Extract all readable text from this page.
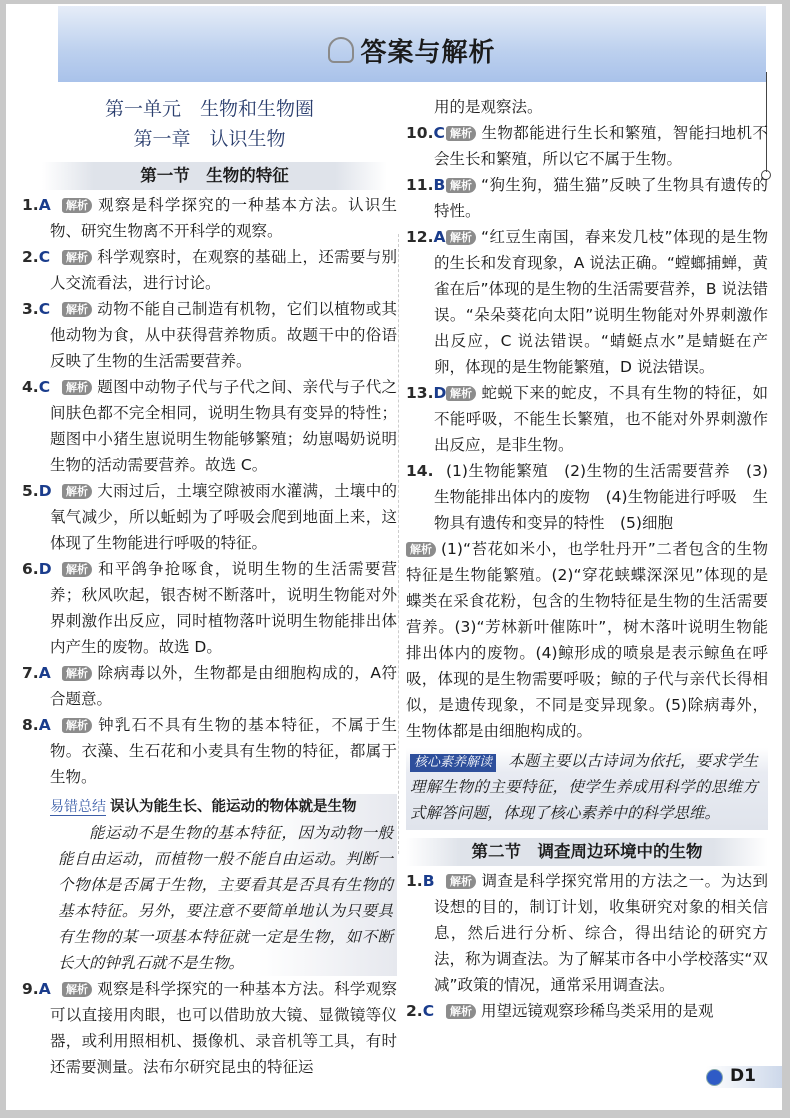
答案与解析
第一单元　生物和生物圈
第一章　认识生物
第一节　生物的特征
1.A 解析 观察是科学探究的一种基本方法。认识生物、研究生物离不开科学的观察。
2.C 解析 科学观察时，在观察的基础上，还需要与别人交流看法，进行讨论。
3.C 解析 动物不能自己制造有机物，它们以植物或其他动物为食，从中获得营养物质。故题干中的俗语反映了生物的生活需要营养。
4.C 解析 题图中动物子代与子代之间、亲代与子代之间肤色都不完全相同，说明生物具有变异的特性；题图中小猪生崽说明生物能够繁殖；幼崽喝奶说明生物的活动需要营养。故选 C。
5.D 解析 大雨过后，土壤空隙被雨水灌满，土壤中的氧气减少，所以蚯蚓为了呼吸会爬到地面上来，这体现了生物能进行呼吸的特征。
6.D 解析 和平鸽争抢啄食，说明生物的生活需要营养；秋风吹起，银杏树不断落叶，说明生物能对外界刺激作出反应，同时植物落叶说明生物能排出体内产生的废物。故选 D。
7.A 解析 除病毒以外，生物都是由细胞构成的，A符合题意。
8.A 解析 钟乳石不具有生物的基本特征，不属于生物。衣藻、生石花和小麦具有生物的特征，都属于生物。
易错总结 误认为能生长、能运动的物体就是生物
能运动不是生物的基本特征，因为动物一般能自由运动，而植物一般不能自由运动。判断一个物体是否属于生物，主要看其是否具有生物的基本特征。另外，要注意不要简单地认为只要具有生物的某一项基本特征就一定是生物，如不断长大的钟乳石就不是生物。
9.A 解析 观察是科学探究的一种基本方法。科学观察可以直接用肉眼，也可以借助放大镜、显微镜等仪器，或利用照相机、摄像机、录音机等工具，有时还需要测量。法布尔研究昆虫的特征运
用的是观察法。
10.C 解析 生物都能进行生长和繁殖，智能扫地机不会生长和繁殖，所以它不属于生物。
11.B 解析 “狗生狗，猫生猫”反映了生物具有遗传的特性。
12.A 解析 “红豆生南国，春来发几枝”体现的是生物的生长和发育现象，A 说法正确。“螳螂捕蝉，黄雀在后”体现的是生物的生活需要营养，B 说法错误。“朵朵葵花向太阳”说明生物能对外界刺激作出反应，C 说法错误。“蜻蜓点水”是蜻蜓在产卵，体现的是生物能繁殖，D 说法错误。
13.D 解析 蛇蜕下来的蛇皮，不具有生物的特征，如不能呼吸，不能生长繁殖，也不能对外界刺激作出反应，是非生物。
14. (1)生物能繁殖　(2)生物的生活需要营养　(3)生物能排出体内的废物　(4)生物能进行呼吸　生物具有遗传和变异的特性　(5)细胞
解析 (1)“苔花如米小，也学牡丹开”二者包含的生物特征是生物能繁殖。(2)“穿花蛱蝶深深见”体现的是蝶类在采食花粉，包含的生物特征是生物的生活需要营养。(3)“芳林新叶催陈叶”，树木落叶说明生物能排出体内的废物。(4)鲸形成的喷泉是表示鲸鱼在呼吸，体现的是生物需要呼吸；鲸的子代与亲代长得相似，是遗传现象，不同是变异现象。(5)除病毒外，生物体都是由细胞构成的。
核心素养解读 本题主要以古诗词为依托，要求学生理解生物的主要特征，使学生养成用科学的思维方式解答问题，体现了核心素养中的科学思维。
第二节　调查周边环境中的生物
1.B 解析 调查是科学探究常用的方法之一。为达到设想的目的，制订计划，收集研究对象的相关信息，然后进行分析、综合，得出结论的研究方法，称为调查法。为了解某市各中小学校落实“双减”政策的情况，通常采用调查法。
2.C 解析 用望远镜观察珍稀鸟类采用的是观
D1
